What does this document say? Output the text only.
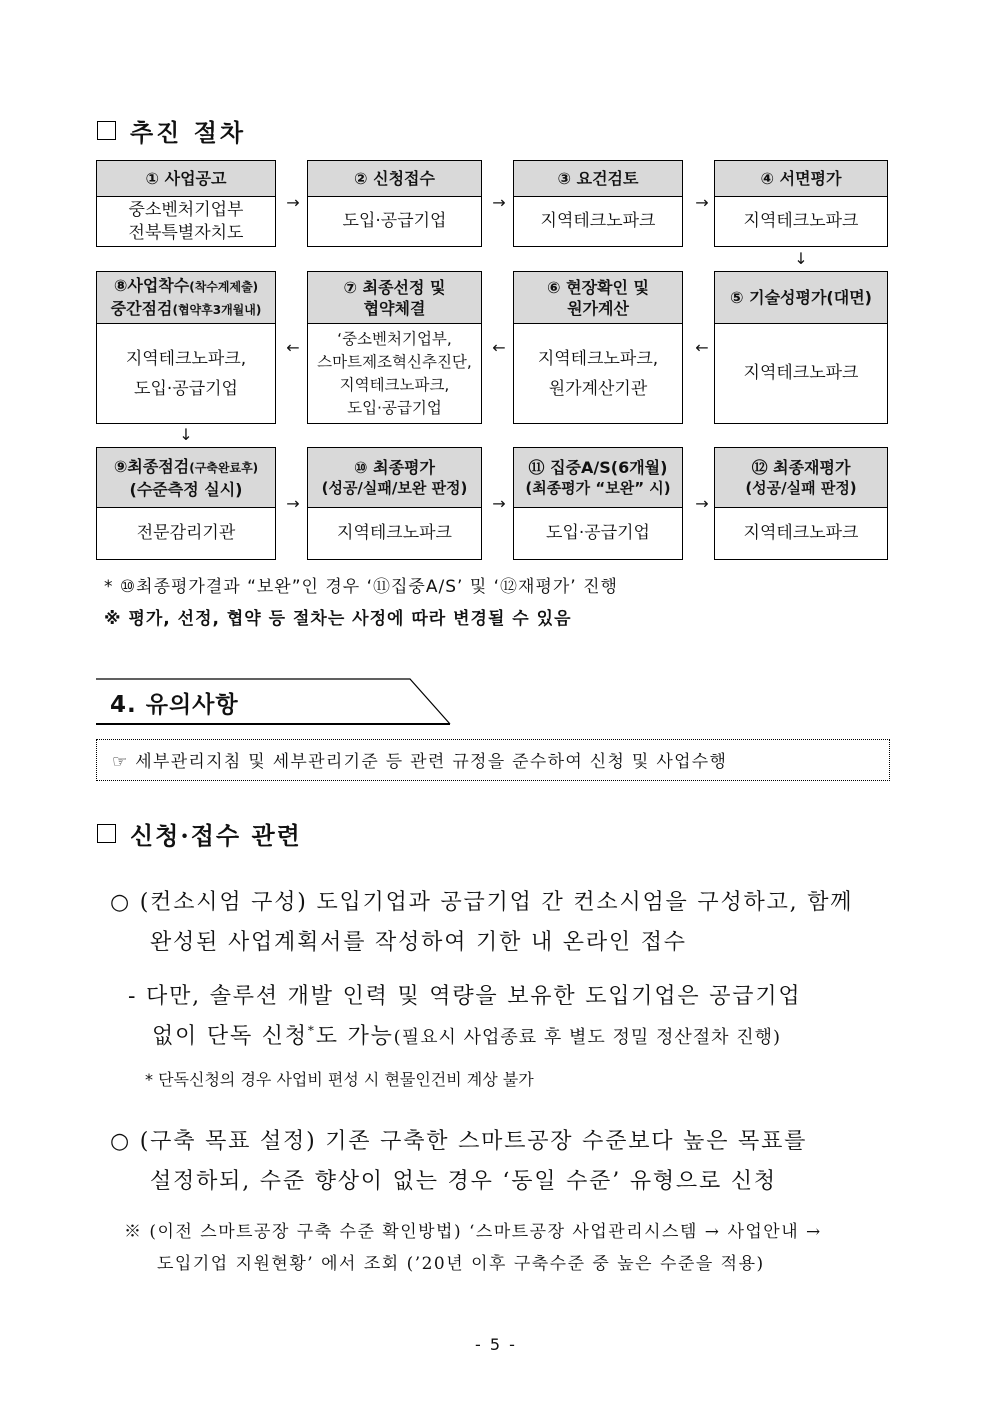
추진 절차
① 사업공고
중소벤처기업부
전북특별자치도
→
② 신청접수
도입·공급기업
→
③ 요건검토
지역테크노파크
→
④ 서면평가
지역테크노파크
↓
⑧사업착수(착수계제출)
중간점검(협약후3개월내)
지역테크노파크,
도입·공급기업
←
⑦ 최종선정 및
협약체결
‘중소벤처기업부,
스마트제조혁신추진단,
지역테크노파크,
도입·공급기업
←
⑥ 현장확인 및
원가계산
지역테크노파크,
원가계산기관
←
⑤ 기술성평가(대면)
지역테크노파크
↓
⑨최종점검(구축완료후)
(수준측정 실시)
전문감리기관
→
⑩ 최종평가
(성공/실패/보완 판정)
지역테크노파크
→
⑪ 집중A/S(6개월)
(최종평가 “보완” 시)
도입·공급기업
→
⑫ 최종재평가
(성공/실패 판정)
지역테크노파크
* ⑩최종평가결과 “보완”인 경우 ‘⑪집중A/S’ 및 ‘⑫재평가’ 진행
※ 평가, 선정, 협약 등 절차는 사정에 따라 변경될 수 있음
4. 유의사항
☞ 세부관리지침 및 세부관리기준 등 관련 규정을 준수하여 신청 및 사업수행
신청·접수 관련
○ (컨소시엄 구성) 도입기업과 공급기업 간 컨소시엄을 구성하고, 함께
완성된 사업계획서를 작성하여 기한 내 온라인 접수
- 다만, 솔루션 개발 인력 및 역량을 보유한 도입기업은 공급기업
없이 단독 신청*도 가능(필요시 사업종료 후 별도 정밀 정산절차 진행)
* 단독신청의 경우 사업비 편성 시 현물인건비 계상 불가
○ (구축 목표 설정) 기존 구축한 스마트공장 수준보다 높은 목표를
설정하되, 수준 향상이 없는 경우 ‘동일 수준’ 유형으로 신청
※ (이전 스마트공장 구축 수준 확인방법) ‘스마트공장 사업관리시스템 → 사업안내 →
도입기업 지원현황’ 에서 조회 (’20년 이후 구축수준 중 높은 수준을 적용)
- 5 -
